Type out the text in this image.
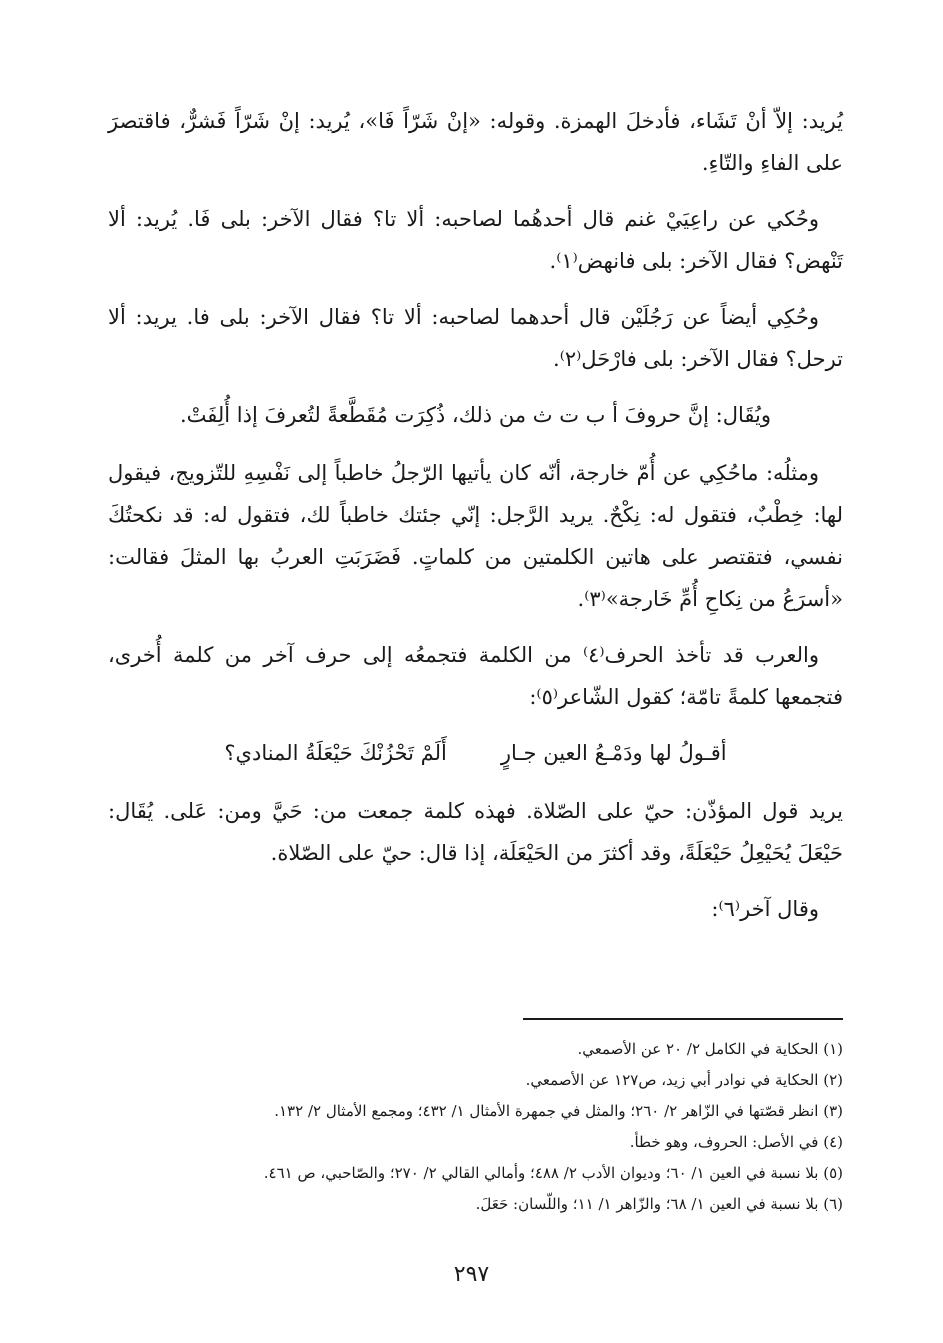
يُريد: إلاّ أنْ تَشَاء، فأدخلَ الهمزة. وقوله: «إنْ شَرّاً فَا»، يُريد: إنْ شَرّاً فَشرٌّ، فاقتصرَ على الفاءِ والتّاءِ.

وحُكي عن راعِيَيْ غنم قال أحدهُما لصاحبه: ألا تا؟ فقال الآخر: بلى فَا. يُريد: ألا تَنْهض؟ فقال الآخر: بلى فانهض⁽١⁾.

وحُكِي أيضاً عن رَجُلَيْن قال أحدهما لصاحبه: ألا تا؟ فقال الآخر: بلى فا. يريد: ألا ترحل؟ فقال الآخر: بلى فارْحَل⁽٢⁾.

ويُقَال: إنَّ حروفَ أ ب ت ث من ذلك، ذُكِرَت مُقَطَّعةً لتُعرفَ إذا أُلِفَتْ.

ومثلُه: ماحُكِي عن أُمّ خارجة، أنّه كان يأتيها الرّجلُ خاطباً إلى نَفْسِهِ للتّزويج، فيقول لها: خِطْبٌ، فتقول له: نِكْحٌ. يريد الرَّجل: إنّي جئتك خاطباً لك، فتقول له: قد نكحتُكَ نفسي، فتقتصر على هاتين الكلمتين من كلماتٍ. فَضَرَبَتِ العربُ بها المثلَ فقالت: «أسرَعُ من نِكاحِ أُمِّ خَارجة»⁽٣⁾.

والعرب قد تأخذ الحرف⁽٤⁾ من الكلمة فتجمعُه إلى حرف آخر من كلمة أُخرى، فتجمعها كلمةً تامّة؛ كقول الشّاعر⁽٥⁾:

أقـولُ لها ودَمْـعُ العين جـارٍ
أَلَمْ تَحْزُنْكَ حَيْعَلَةُ المنادي؟

يريد قول المؤذّن: حيّ على الصّلاة. فهذه كلمة جمعت من: حَيَّ ومن: عَلى. يُقَال: حَيْعَلَ يُحَيْعِلُ حَيْعَلَةً، وقد أكثرَ من الحَيْعَلَة، إذا قال: حيّ على الصّلاة.

وقال آخر⁽٦⁾:

(١) الحكاية في الكامل ٢/ ٢٠ عن الأصمعي.
(٢) الحكاية في نوادر أبي زيد، ص١٢٧ عن الأصمعي.
(٣) انظر قصّتها في الزّاهر ٢/ ٢٦٠؛ والمثل في جمهرة الأمثال ١/ ٤٣٢؛ ومجمع الأمثال ٢/ ١٣٢.
(٤) في الأصل: الحروف، وهو خطأ.
(٥) بلا نسبة في العين ١/ ٦٠؛ وديوان الأدب ٢/ ٤٨٨؛ وأمالي القالي ٢/ ٢٧٠؛ والصّاحبي، ص ٤٦١.
(٦) بلا نسبة في العين ١/ ٦٨؛ والزّاهر ١/ ١١؛ واللّسان: حَعَلَ.
٢٩٧
